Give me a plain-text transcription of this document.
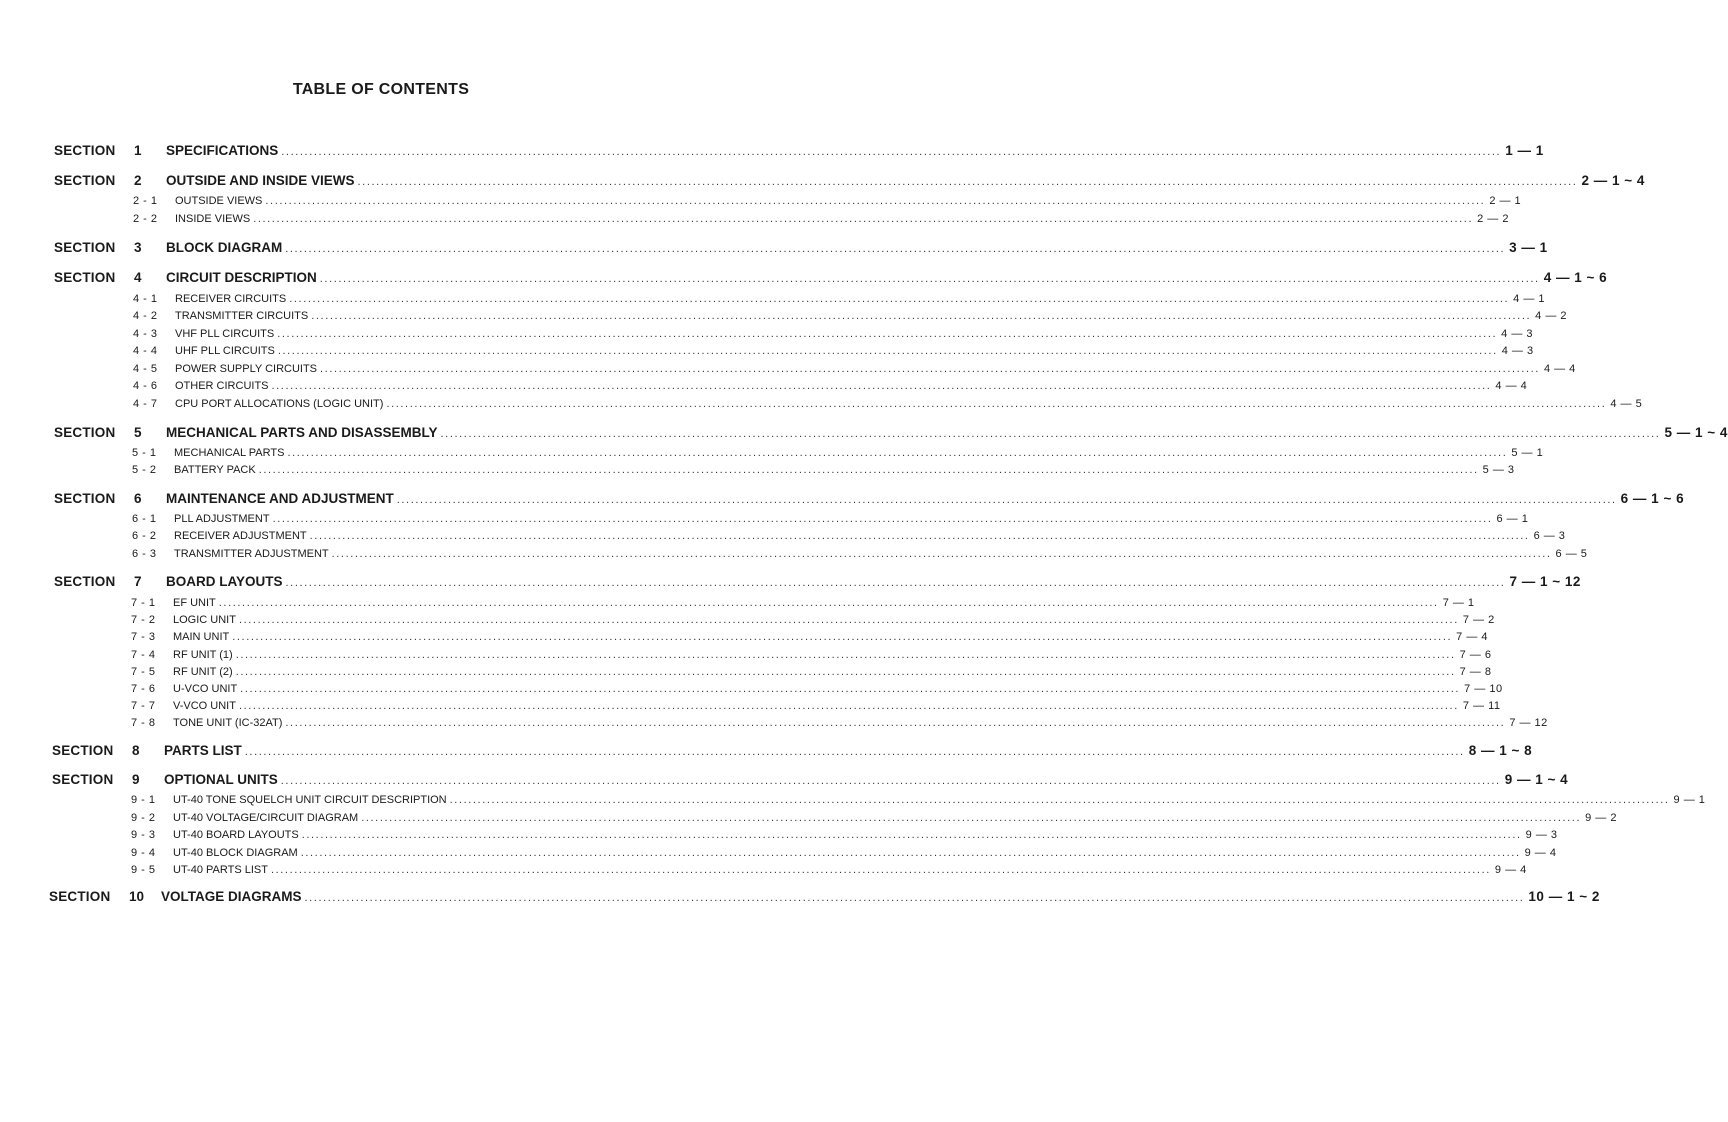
TABLE OF CONTENTS
SECTION	1	SPECIFICATIONS ...................................................................................................................................................................................................................................................................... 1 — 1
SECTION	2	OUTSIDE AND INSIDE VIEWS ...................................................................................................................................................................................................................................................................... 2 — 1 ~ 4
2 - 1	OUTSIDE VIEWS ...................................................................................................................................................................................................................................................................... 2 — 1
2 - 2	INSIDE VIEWS ...................................................................................................................................................................................................................................................................... 2 — 2
SECTION	3	BLOCK DIAGRAM ...................................................................................................................................................................................................................................................................... 3 — 1
SECTION	4	CIRCUIT DESCRIPTION ...................................................................................................................................................................................................................................................................... 4 — 1 ~ 6
4 - 1	RECEIVER CIRCUITS ...................................................................................................................................................................................................................................................................... 4 — 1
4 - 2	TRANSMITTER CIRCUITS ...................................................................................................................................................................................................................................................................... 4 — 2
4 - 3	VHF PLL CIRCUITS ...................................................................................................................................................................................................................................................................... 4 — 3
4 - 4	UHF PLL CIRCUITS ...................................................................................................................................................................................................................................................................... 4 — 3
4 - 5	POWER SUPPLY CIRCUITS ...................................................................................................................................................................................................................................................................... 4 — 4
4 - 6	OTHER CIRCUITS ...................................................................................................................................................................................................................................................................... 4 — 4
4 - 7	CPU PORT ALLOCATIONS (LOGIC UNIT) ...................................................................................................................................................................................................................................................................... 4 — 5
SECTION	5	MECHANICAL PARTS AND DISASSEMBLY ...................................................................................................................................................................................................................................................................... 5 — 1 ~ 4
5 - 1	MECHANICAL PARTS ...................................................................................................................................................................................................................................................................... 5 — 1
5 - 2	BATTERY PACK ...................................................................................................................................................................................................................................................................... 5 — 3
SECTION	6	MAINTENANCE AND ADJUSTMENT ...................................................................................................................................................................................................................................................................... 6 — 1 ~ 6
6 - 1	PLL ADJUSTMENT ...................................................................................................................................................................................................................................................................... 6 — 1
6 - 2	RECEIVER ADJUSTMENT ...................................................................................................................................................................................................................................................................... 6 — 3
6 - 3	TRANSMITTER ADJUSTMENT ...................................................................................................................................................................................................................................................................... 6 — 5
SECTION	7	BOARD LAYOUTS ...................................................................................................................................................................................................................................................................... 7 — 1 ~ 12
7 - 1	EF UNIT ...................................................................................................................................................................................................................................................................... 7 — 1
7 - 2	LOGIC UNIT ...................................................................................................................................................................................................................................................................... 7 — 2
7 - 3	MAIN UNIT ...................................................................................................................................................................................................................................................................... 7 — 4
7 - 4	RF UNIT (1) ...................................................................................................................................................................................................................................................................... 7 — 6
7 - 5	RF UNIT (2) ...................................................................................................................................................................................................................................................................... 7 — 8
7 - 6	U-VCO UNIT ...................................................................................................................................................................................................................................................................... 7 — 10
7 - 7	V-VCO UNIT ...................................................................................................................................................................................................................................................................... 7 — 11
7 - 8	TONE UNIT (IC-32AT) ...................................................................................................................................................................................................................................................................... 7 — 12
SECTION	8	PARTS LIST ...................................................................................................................................................................................................................................................................... 8 — 1 ~ 8
SECTION	9	OPTIONAL UNITS ...................................................................................................................................................................................................................................................................... 9 — 1 ~ 4
9 - 1	UT-40 TONE SQUELCH UNIT CIRCUIT DESCRIPTION ...................................................................................................................................................................................................................................................................... 9 — 1
9 - 2	UT-40 VOLTAGE/CIRCUIT DIAGRAM ...................................................................................................................................................................................................................................................................... 9 — 2
9 - 3	UT-40 BOARD LAYOUTS ...................................................................................................................................................................................................................................................................... 9 — 3
9 - 4	UT-40 BLOCK DIAGRAM ...................................................................................................................................................................................................................................................................... 9 — 4
9 - 5	UT-40 PARTS LIST ...................................................................................................................................................................................................................................................................... 9 — 4
SECTION	10	VOLTAGE DIAGRAMS ...................................................................................................................................................................................................................................................................... 10 — 1 ~ 2
